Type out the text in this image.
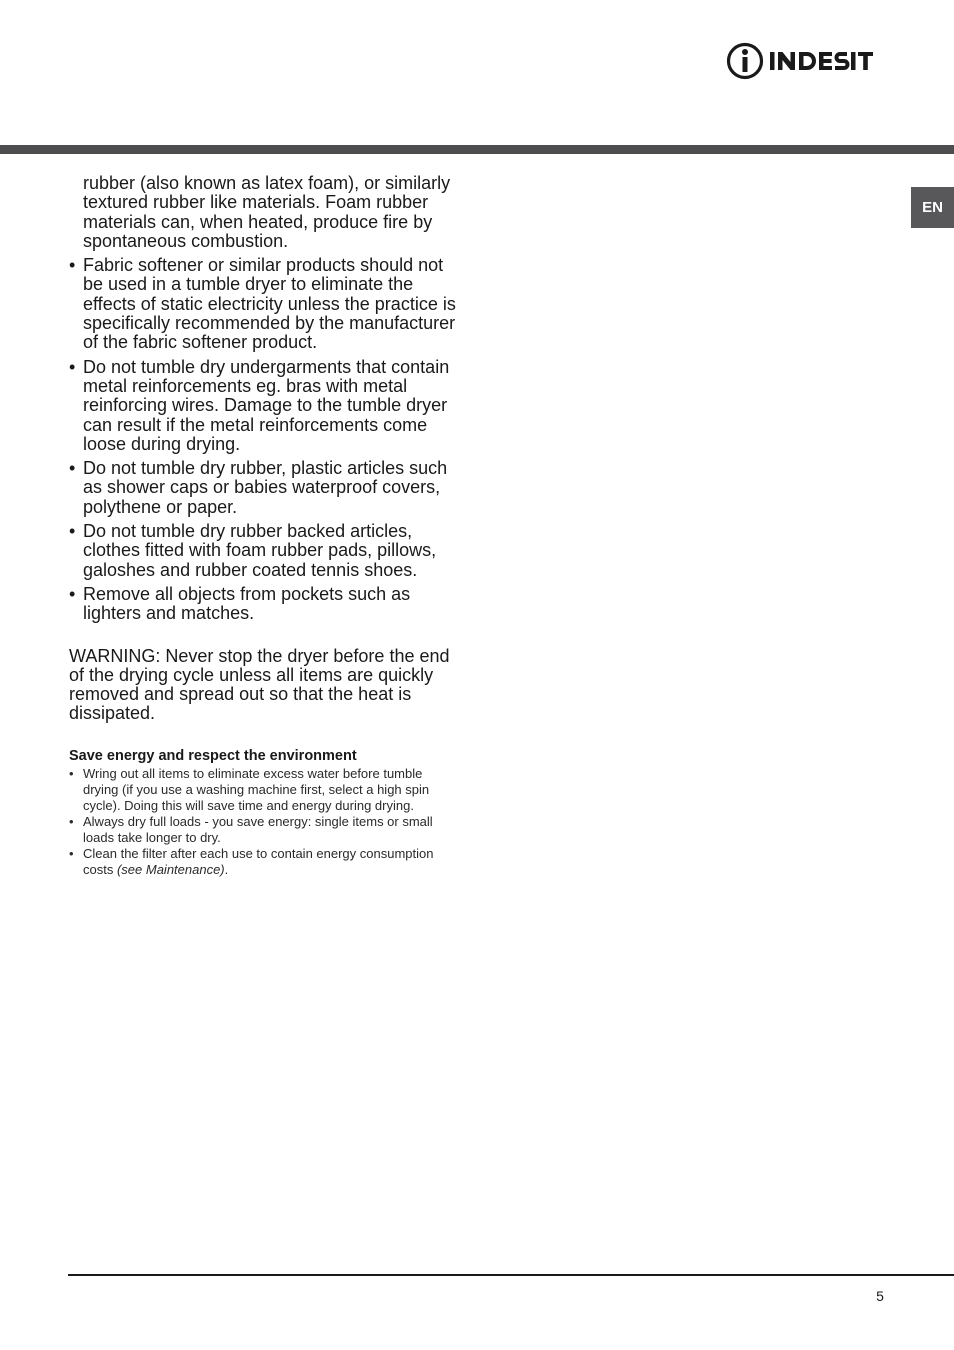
EN
rubber (also known as latex foam), or similarly textured rubber like materials. Foam rubber materials can, when heated, produce fire by spontaneous combustion.
• Fabric softener or similar products should not be used in a tumble dryer to eliminate the effects of static electricity unless the practice is specifically recommended by the manufacturer of the fabric softener product.
• Do not tumble dry undergarments that contain metal reinforcements eg. bras with metal reinforcing wires. Damage to the tumble dryer can result if the metal reinforcements come loose during drying.
• Do not tumble dry rubber, plastic articles such as shower caps or babies waterproof covers, polythene or paper.
• Do not tumble dry rubber backed articles, clothes fitted with foam rubber pads, pillows, galoshes and rubber coated tennis shoes.
• Remove all objects from pockets such as lighters and matches.
WARNING: Never stop the dryer before the end of the drying cycle unless all items are quickly removed and spread out so that the heat is dissipated.
Save energy and respect the environment
• Wring out all items to eliminate excess water before tumble drying (if you use a washing machine first, select a high spin cycle). Doing this will save time and energy during drying.
• Always dry full loads - you save energy: single items or small loads take longer to dry.
• Clean the filter after each use to contain energy consumption costs (see Maintenance).
5
